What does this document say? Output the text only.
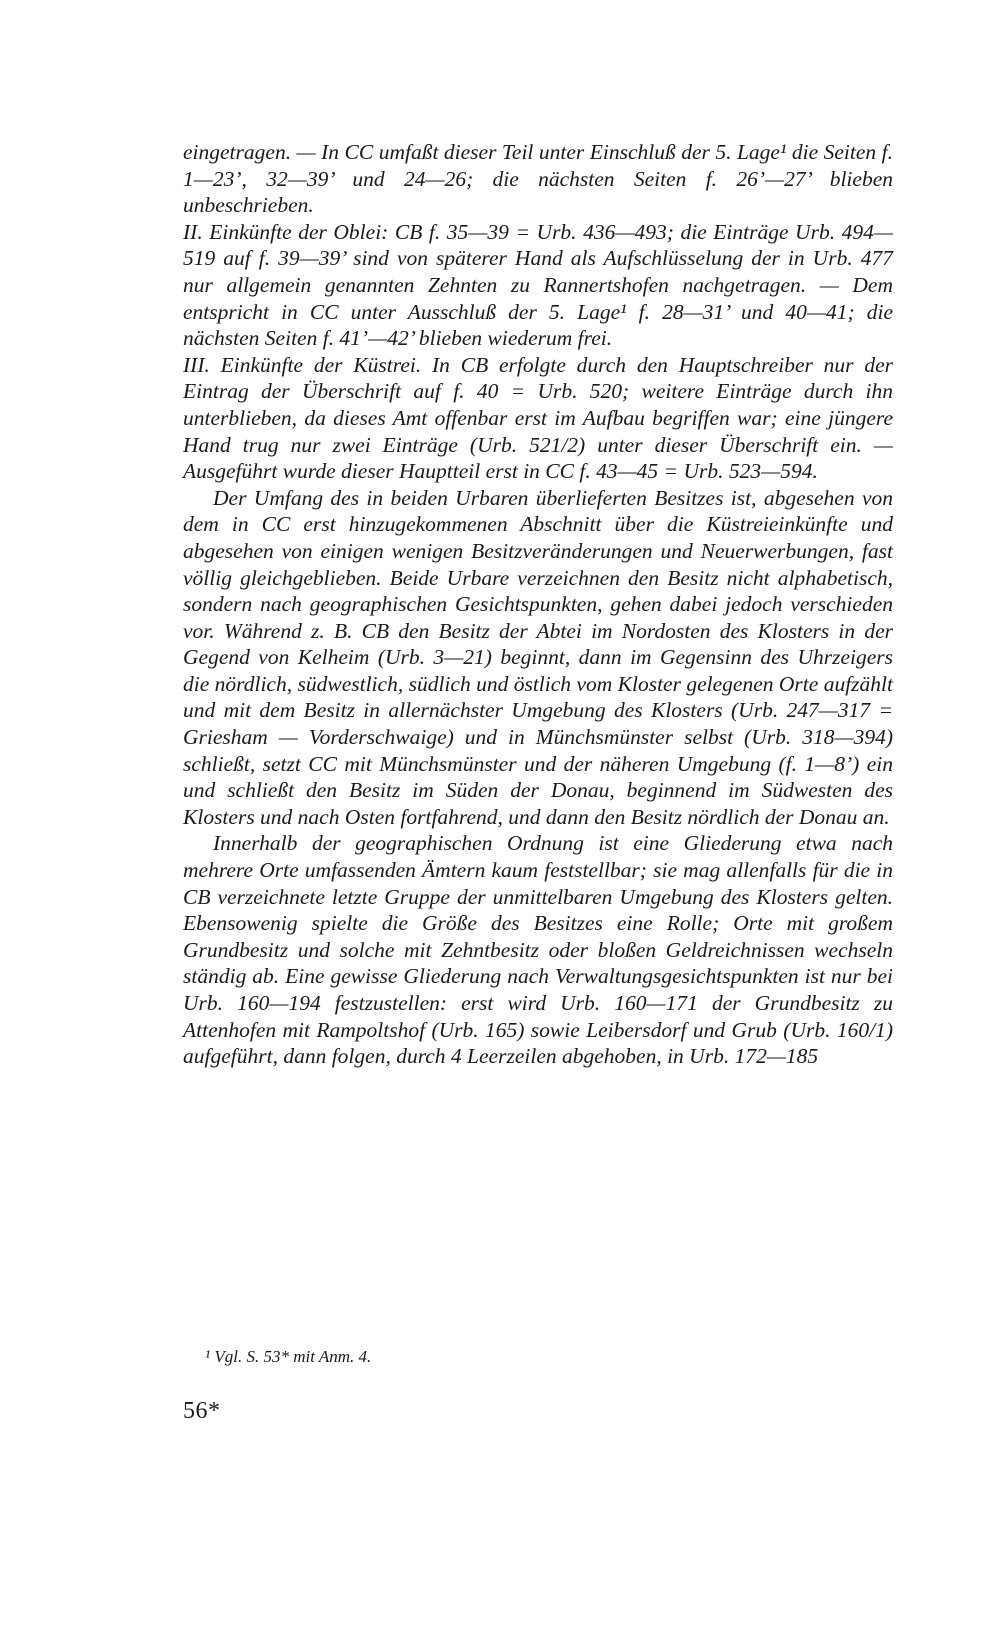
eingetragen. — In CC umfaßt dieser Teil unter Einschluß der 5. Lage¹ die Seiten f. 1—23’, 32—39’ und 24—26; die nächsten Seiten f. 26’—27’ blieben unbeschrieben.

II. Einkünfte der Oblei: CB f. 35—39 = Urb. 436—493; die Einträge Urb. 494—519 auf f. 39—39’ sind von späterer Hand als Aufschlüsselung der in Urb. 477 nur allgemein genannten Zehnten zu Rannertshofen nachgetragen. — Dem entspricht in CC unter Ausschluß der 5. Lage¹ f. 28—31’ und 40—41; die nächsten Seiten f. 41’—42’ blieben wiederum frei.

III. Einkünfte der Küstrei. In CB erfolgte durch den Hauptschreiber nur der Eintrag der Überschrift auf f. 40 = Urb. 520; weitere Einträge durch ihn unterblieben, da dieses Amt offenbar erst im Aufbau begriffen war; eine jüngere Hand trug nur zwei Einträge (Urb. 521/2) unter dieser Überschrift ein. — Ausgeführt wurde dieser Hauptteil erst in CC f. 43—45 = Urb. 523—594.

Der Umfang des in beiden Urbaren überlieferten Besitzes ist, abgesehen von dem in CC erst hinzugekommenen Abschnitt über die Küstreieinkünfte und abgesehen von einigen wenigen Besitzveränderungen und Neuerwerbungen, fast völlig gleichgeblieben. Beide Urbare verzeichnen den Besitz nicht alphabetisch, sondern nach geographischen Gesichtspunkten, gehen dabei jedoch verschieden vor. Während z. B. CB den Besitz der Abtei im Nordosten des Klosters in der Gegend von Kelheim (Urb. 3—21) beginnt, dann im Gegensinn des Uhrzeigers die nördlich, südwestlich, südlich und östlich vom Kloster gelegenen Orte aufzählt und mit dem Besitz in allernächster Umgebung des Klosters (Urb. 247—317 = Griesham — Vorderschwaige) und in Münchsmünster selbst (Urb. 318—394) schließt, setzt CC mit Münchsmünster und der näheren Umgebung (f. 1—8’) ein und schließt den Besitz im Süden der Donau, beginnend im Südwesten des Klosters und nach Osten fortfahrend, und dann den Besitz nördlich der Donau an.

Innerhalb der geographischen Ordnung ist eine Gliederung etwa nach mehrere Orte umfassenden Ämtern kaum feststellbar; sie mag allenfalls für die in CB verzeichnete letzte Gruppe der unmittelbaren Umgebung des Klosters gelten. Ebensowenig spielte die Größe des Besitzes eine Rolle; Orte mit großem Grundbesitz und solche mit Zehntbesitz oder bloßen Geldreichnissen wechseln ständig ab. Eine gewisse Gliederung nach Verwaltungsgesichtspunkten ist nur bei Urb. 160—194 festzustellen: erst wird Urb. 160—171 der Grundbesitz zu Attenhofen mit Rampoltshof (Urb. 165) sowie Leibersdorf und Grub (Urb. 160/1) aufgeführt, dann folgen, durch 4 Leerzeilen abgehoben, in Urb. 172—185

¹ Vgl. S. 53* mit Anm. 4.
56*
